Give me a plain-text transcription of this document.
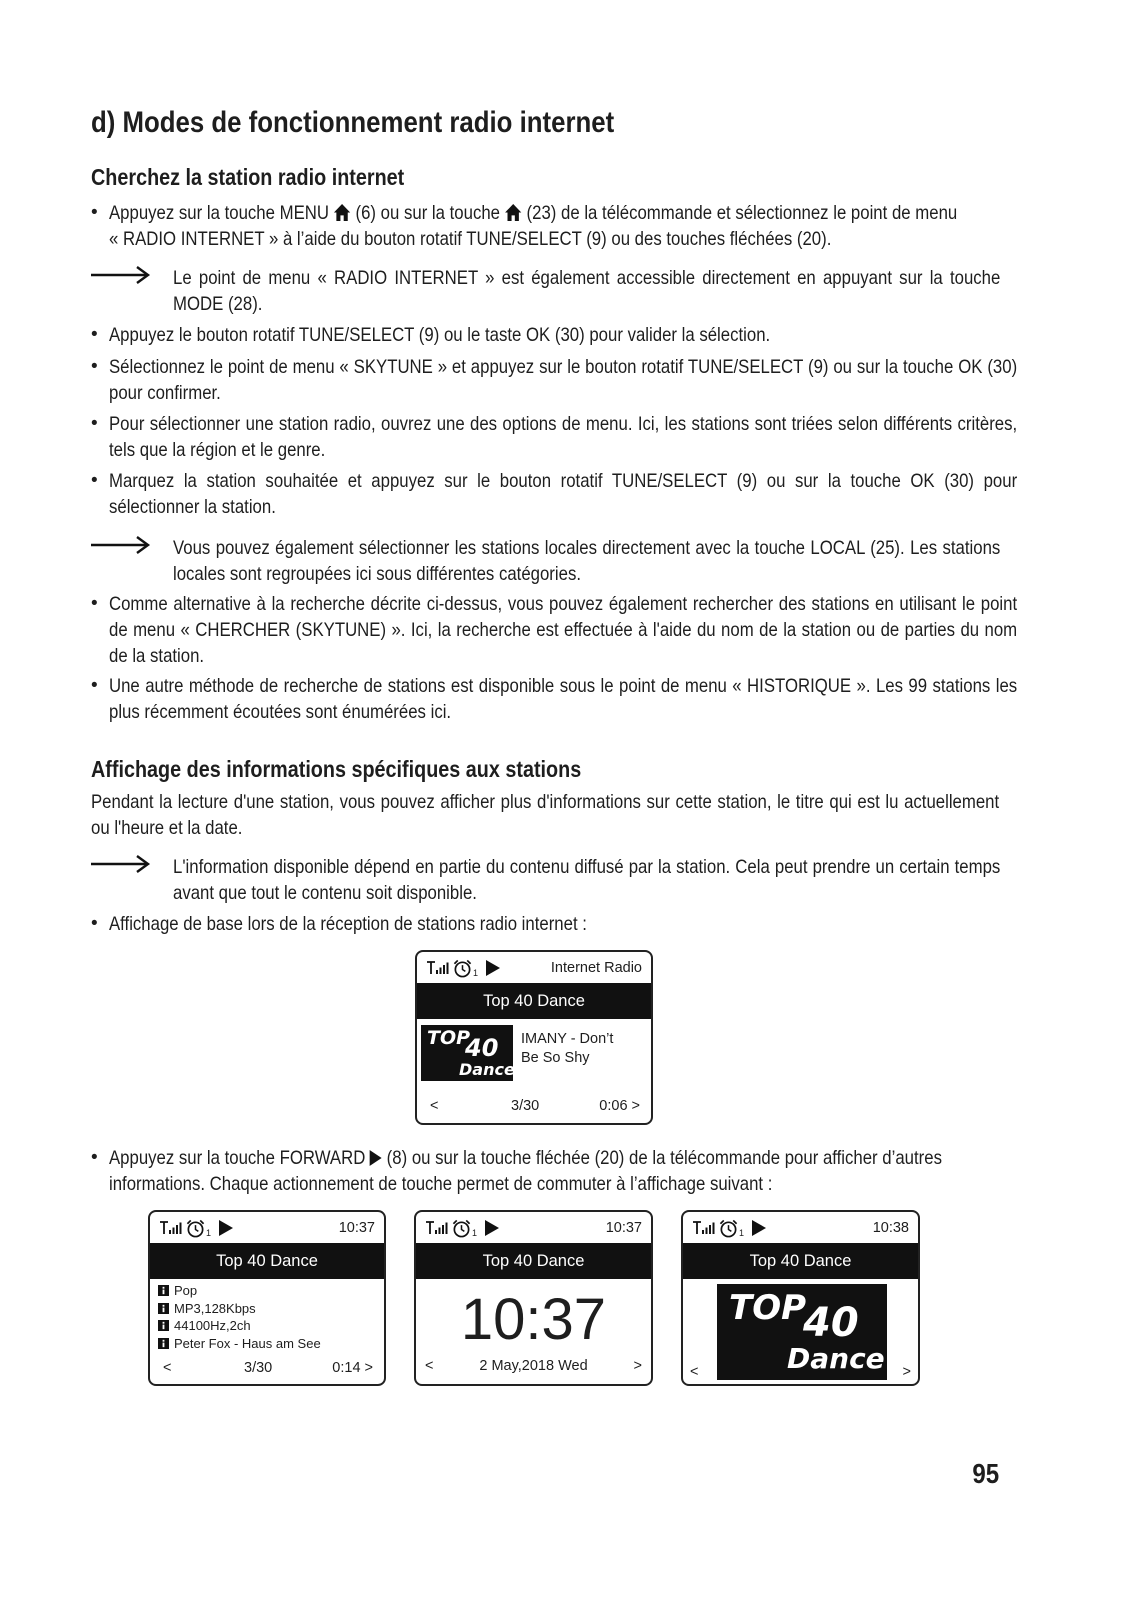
d) Modes de fonctionnement radio internet
Cherchez la station radio internet
• Appuyez sur la touche MENU (6) ou sur la touche (23) de la télécommande et sélectionnez le point de menu
« RADIO INTERNET » à l’aide du bouton rotatif TUNE/SELECT (9) ou des touches fléchées (20).
Le point de menu « RADIO INTERNET » est également accessible directement en appuyant sur la touche MODE (28).
• Appuyez le bouton rotatif TUNE/SELECT (9) ou le taste OK (30) pour valider la sélection.
• Sélectionnez le point de menu « SKYTUNE » et appuyez sur le bouton rotatif TUNE/SELECT (9) ou sur la touche OK (30) pour confirmer.
• Pour sélectionner une station radio, ouvrez une des options de menu. Ici, les stations sont triées selon différents critères, tels que la région et le genre.
• Marquez la station souhaitée et appuyez sur le bouton rotatif TUNE/SELECT (9) ou sur la touche OK (30) pour sélectionner la station.
Vous pouvez également sélectionner les stations locales directement avec la touche LOCAL (25). Les stations locales sont regroupées ici sous différentes catégories.
• Comme alternative à la recherche décrite ci-dessus, vous pouvez également rechercher des stations en utilisant le point de menu « CHERCHER (SKYTUNE) ». Ici, la recherche est effectuée à l'aide du nom de la station ou de parties du nom de la station.
• Une autre méthode de recherche de stations est disponible sous le point de menu « HISTORIQUE ». Les 99 stations les plus récemment écoutées sont énumérées ici.
Affichage des informations spécifiques aux stations
Pendant la lecture d'une station, vous pouvez afficher plus d'informations sur cette station, le titre qui est lu actuellement ou l'heure et la date.
L'information disponible dépend en partie du contenu diffusé par la station. Cela peut prendre un certain temps avant que tout le contenu soit disponible.
• Affichage de base lors de la réception de stations radio internet :
1	Internet Radio
Top 40 Dance
TOP
40
Dance
IMANY - Don’t
Be So Shy
<	3/30	0:06 >
• Appuyez sur la touche FORWARD (8) ou sur la touche fléchée (20) de la télécommande pour afficher d’autres
informations. Chaque actionnement de touche permet de commuter à l’affichage suivant :
1	10:37
Top 40 Dance
Pop
MP3,128Kbps
44100Hz,2ch
Peter Fox - Haus am See
<	3/30	0:14 >
1	10:37
Top 40 Dance
10:37
<	2 May,2018 Wed	>
1	10:38
Top 40 Dance
TOP
40
Dance
<	>
95
